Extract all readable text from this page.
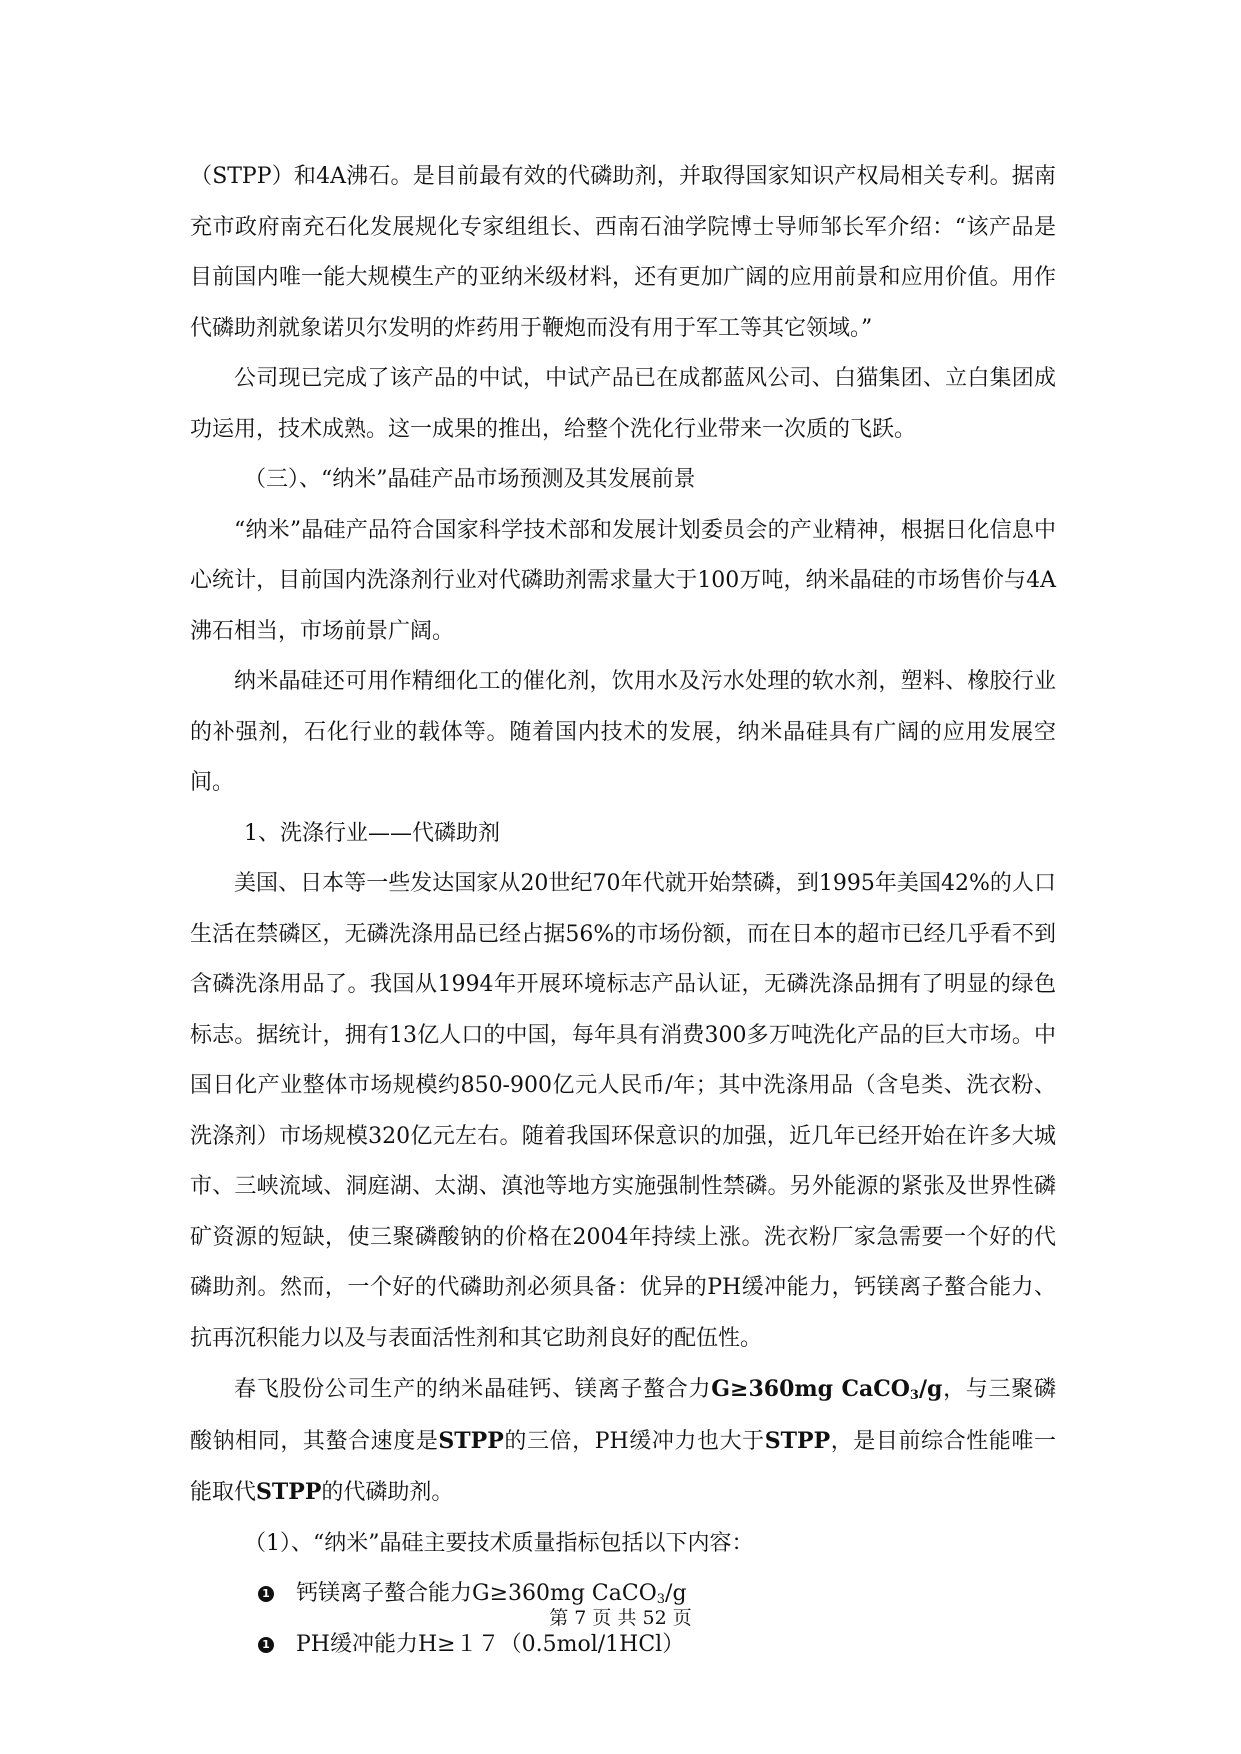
（STPP）和4A沸石。是目前最有效的代磷助剂，并取得国家知识产权局相关专利。据南充市政府南充石化发展规化专家组组长、西南石油学院博士导师邹长军介绍：“该产品是目前国内唯一能大规模生产的亚纳米级材料，还有更加广阔的应用前景和应用价值。用作代磷助剂就象诺贝尔发明的炸药用于鞭炮而没有用于军工等其它领域。”

公司现已完成了该产品的中试，中试产品已在成都蓝风公司、白猫集团、立白集团成功运用，技术成熟。这一成果的推出，给整个洗化行业带来一次质的飞跃。

（三）、“纳米”晶硅产品市场预测及其发展前景

“纳米”晶硅产品符合国家科学技术部和发展计划委员会的产业精神，根据日化信息中心统计，目前国内洗涤剂行业对代磷助剂需求量大于100万吨，纳米晶硅的市场售价与4A沸石相当，市场前景广阔。

纳米晶硅还可用作精细化工的催化剂，饮用水及污水处理的软水剂，塑料、橡胶行业的补强剂，石化行业的载体等。随着国内技术的发展，纳米晶硅具有广阔的应用发展空间。

1、洗涤行业——代磷助剂

美国、日本等一些发达国家从20世纪70年代就开始禁磷，到1995年美国42%的人口生活在禁磷区，无磷洗涤用品已经占据56%的市场份额，而在日本的超市已经几乎看不到含磷洗涤用品了。我国从1994年开展环境标志产品认证，无磷洗涤品拥有了明显的绿色标志。据统计，拥有13亿人口的中国，每年具有消费300多万吨洗化产品的巨大市场。中国日化产业整体市场规模约850-900亿元人民币/年；其中洗涤用品（含皂类、洗衣粉、洗涤剂）市场规模320亿元左右。随着我国环保意识的加强，近几年已经开始在许多大城市、三峡流域、洞庭湖、太湖、滇池等地方实施强制性禁磷。另外能源的紧张及世界性磷矿资源的短缺，使三聚磷酸钠的价格在2004年持续上涨。洗衣粉厂家急需要一个好的代磷助剂。然而，一个好的代磷助剂必须具备：优异的PH缓冲能力，钙镁离子螯合能力、抗再沉积能力以及与表面活性剂和其它助剂良好的配伍性。

春飞股份公司生产的纳米晶硅钙、镁离子螯合力G≥360mg CaCO$_3$/g，与三聚磷酸钠相同，其螯合速度是STPP的三倍，PH缓冲力也大于STPP，是目前综合性能唯一能取代STPP的代磷助剂。

（1）、“纳米”晶硅主要技术质量指标包括以下内容：

1 钙镁离子螯合能力G≥360mg CaCO$_3$/g

1 PH缓冲能力H≥１７（0.5mol/1HCl）

第 7 页 共 52 页
